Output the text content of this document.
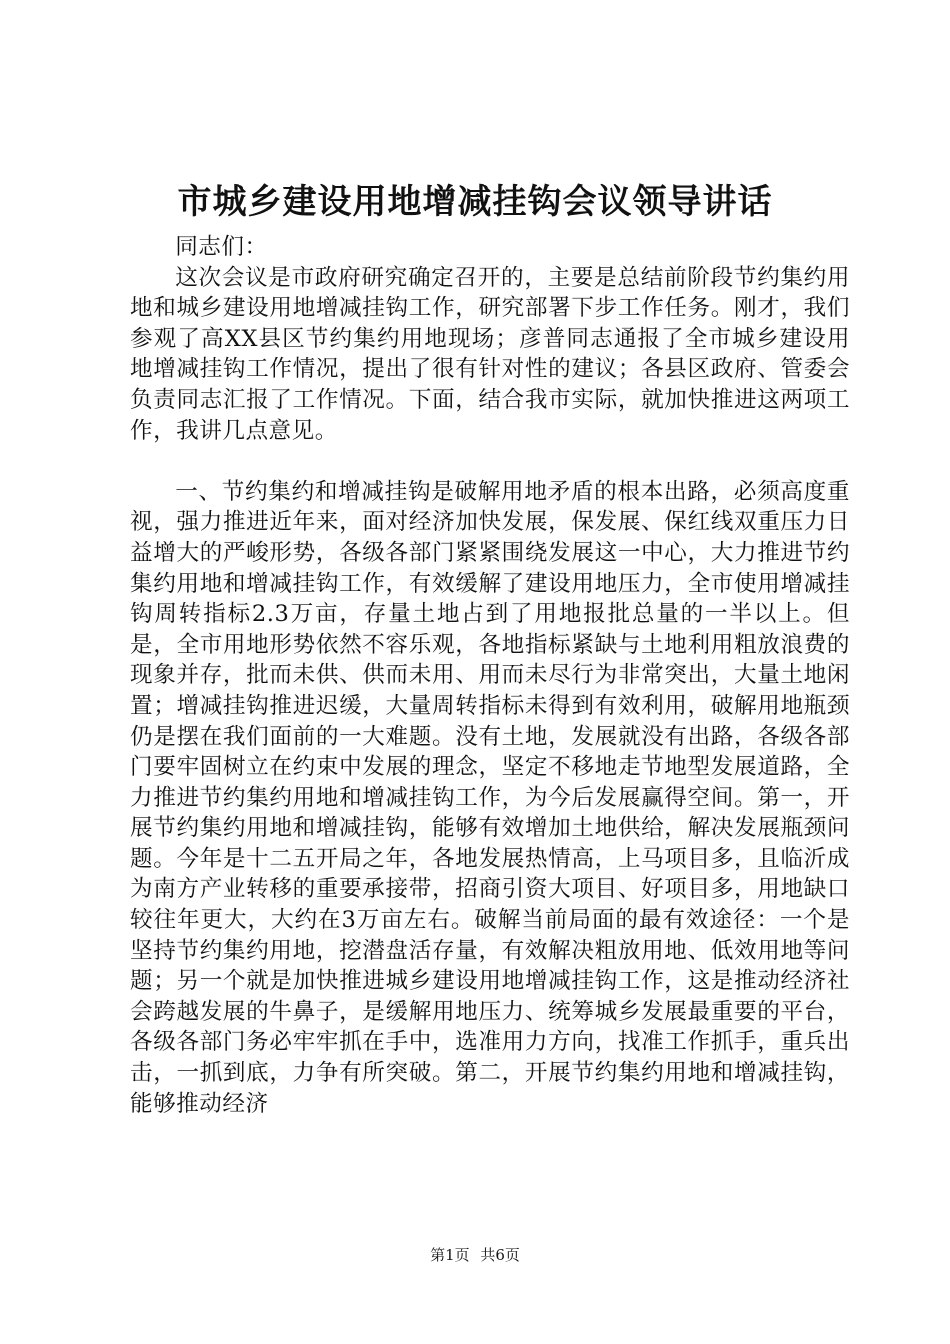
市城乡建设用地增减挂钩会议领导讲话

同志们：

这次会议是市政府研究确定召开的，主要是总结前阶段节约集约用地和城乡建设用地增减挂钩工作，研究部署下步工作任务。刚才，我们参观了高XX县区节约集约用地现场；彦普同志通报了全市城乡建设用地增减挂钩工作情况，提出了很有针对性的建议；各县区政府、管委会负责同志汇报了工作情况。下面，结合我市实际，就加快推进这两项工作，我讲几点意见。

一、节约集约和增减挂钩是破解用地矛盾的根本出路，必须高度重视，强力推进近年来，面对经济加快发展，保发展、保红线双重压力日益增大的严峻形势，各级各部门紧紧围绕发展这一中心，大力推进节约集约用地和增减挂钩工作，有效缓解了建设用地压力，全市使用增减挂钩周转指标2.3万亩，存量土地占到了用地报批总量的一半以上。但是，全市用地形势依然不容乐观，各地指标紧缺与土地利用粗放浪费的现象并存，批而未供、供而未用、用而未尽行为非常突出，大量土地闲置；增减挂钩推进迟缓，大量周转指标未得到有效利用，破解用地瓶颈仍是摆在我们面前的一大难题。没有土地，发展就没有出路，各级各部门要牢固树立在约束中发展的理念，坚定不移地走节地型发展道路，全力推进节约集约用地和增减挂钩工作，为今后发展赢得空间。第一，开展节约集约用地和增减挂钩，能够有效增加土地供给，解决发展瓶颈问题。今年是十二五开局之年，各地发展热情高，上马项目多，且临沂成为南方产业转移的重要承接带，招商引资大项目、好项目多，用地缺口较往年更大，大约在3万亩左右。破解当前局面的最有效途径：一个是坚持节约集约用地，挖潜盘活存量，有效解决粗放用地、低效用地等问题；另一个就是加快推进城乡建设用地增减挂钩工作，这是推动经济社会跨越发展的牛鼻子，是缓解用地压力、统筹城乡发展最重要的平台，各级各部门务必牢牢抓在手中，选准用力方向，找准工作抓手，重兵出击，一抓到底，力争有所突破。第二，开展节约集约用地和增减挂钩，能够推动经济

第1页 共6页
